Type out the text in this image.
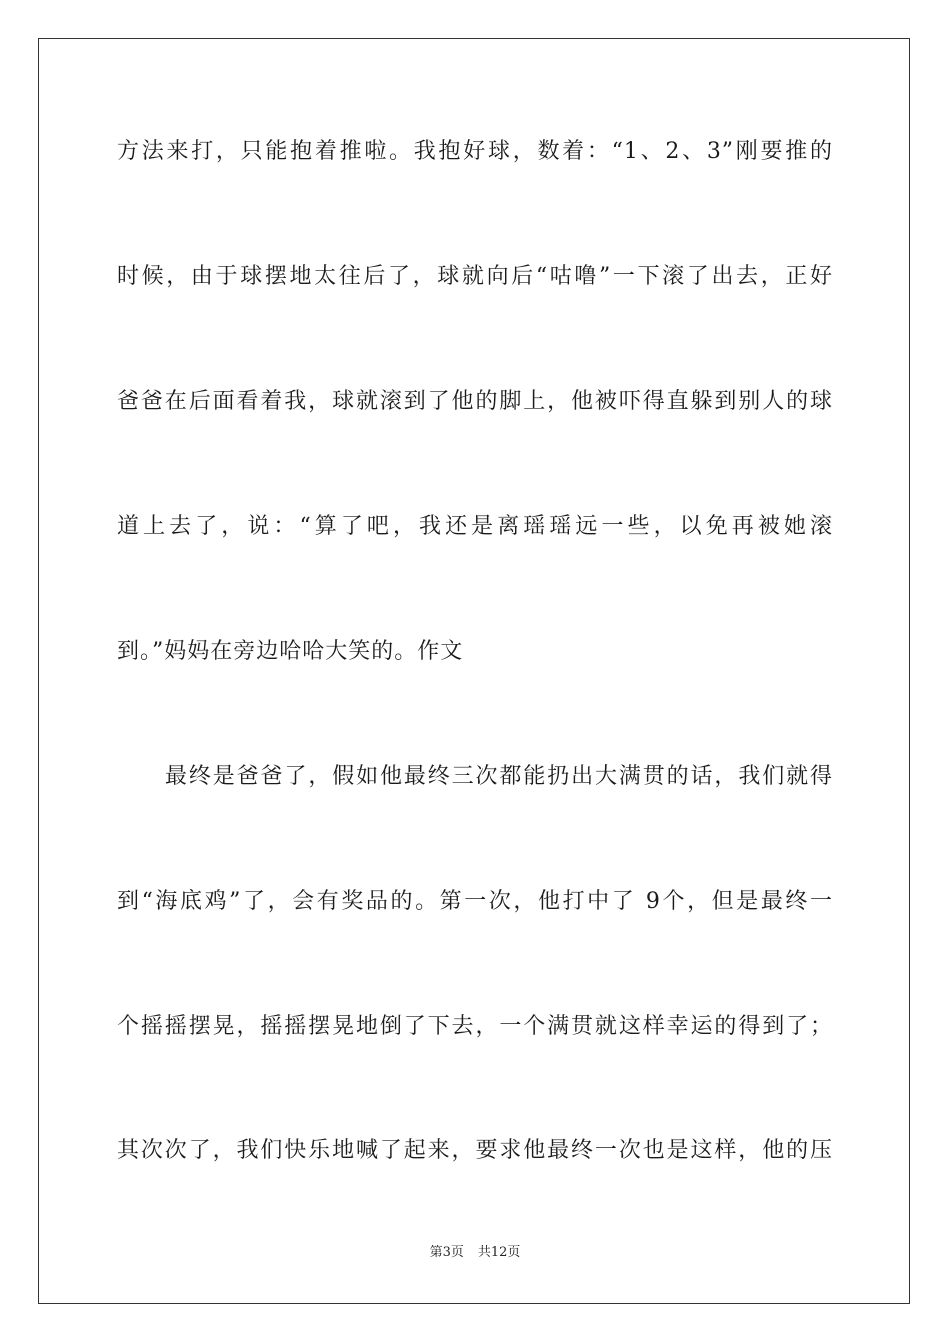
方法来打，只能抱着推啦。我抱好球，数着：“1、2、3”刚要推的
时候，由于球摆地太往后了，球就向后“咕噜”一下滚了出去，正好
爸爸在后面看着我，球就滚到了他的脚上，他被吓得直躲到别人的球
道上去了，说：“算了吧，我还是离瑶瑶远一些，以免再被她滚
到。”妈妈在旁边哈哈大笑的。作文
最终是爸爸了，假如他最终三次都能扔出大满贯的话，我们就得
到“海底鸡”了，会有奖品的。第一次，他打中了 9个，但是最终一
个摇摇摆晃，摇摇摆晃地倒了下去，一个满贯就这样幸运的得到了；
其次次了，我们快乐地喊了起来，要求他最终一次也是这样，他的压
第3页 共12页
